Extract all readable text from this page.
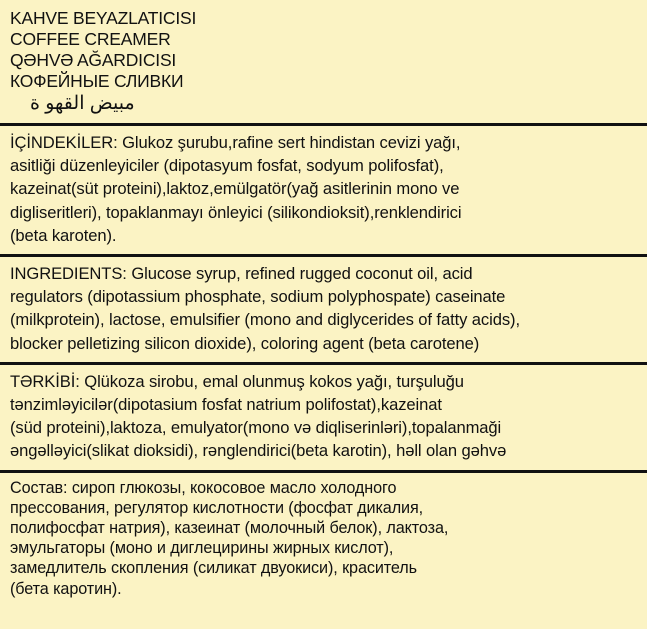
KAHVE BEYAZLATICISI
COFFEE CREAMER
QƏHVƏ AĞARDICISI
КОФЕЙНЫЕ СЛИВКИ
مبيض القهو ة
İÇİNDEKİLER: Glukoz şurubu,rafine sert hindistan cevizi yağı,
asitliği düzenleyiciler (dipotasyum fosfat, sodyum polifosfat),
kazeinat(süt proteini),laktoz,emülgatör(yağ asitlerinin mono ve
digliseritleri), topaklanmayı önleyici (silikondioksit),renklendirici
(beta karoten).
INGREDIENTS: Glucose syrup, refined rugged coconut oil, acid
regulators (dipotassium phosphate, sodium polyphospate) caseinate
(milkprotein), lactose, emulsifier (mono and diglycerides of fatty acids),
blocker pelletizing silicon dioxide), coloring agent (beta carotene)
TƏRKİBİ: Qlükoza sirobu, emal olunmuş kokos yağı, turşuluğu
tənzimləyicilər(dipotasium fosfat natrium polifostat),kazeinat
(süd proteini),laktoza, emulyator(mono və diqliserinləri),topalanmaği
əngəlləyici(slikat dioksidi), rənglendirici(beta karotin), həll olan gəhvə
Состав: сироп глюкозы, кокосовое масло холодного
прессования, регулятор кислотности (фосфат дикалия,
полифосфат натрия), казеинат (молочный белок), лактоза,
эмульгаторы (моно и диглецирины жирных кислот),
замедлитель скопления (силикат двуокиси), краситель
(бета каротин).
